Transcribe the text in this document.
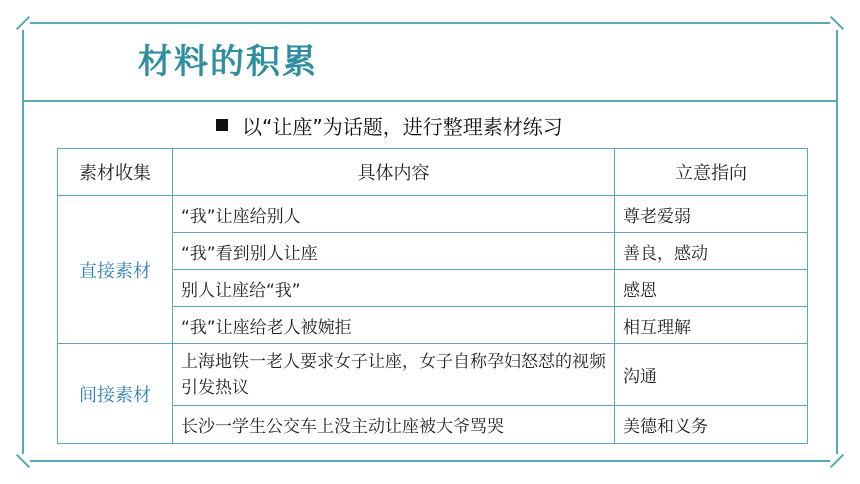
材料的积累
以“让座”为话题，进行整理素材练习
素材收集	具体内容	立意指向
直接素材	“我”让座给别人	尊老爱弱
	“我”看到别人让座	善良，感动
	别人让座给“我”	感恩
	“我”让座给老人被婉拒	相互理解
间接素材	上海地铁一老人要求女子让座，女子自称孕妇怒怼的视频引发热议	沟通
	长沙一学生公交车上没主动让座被大爷骂哭	美德和义务
